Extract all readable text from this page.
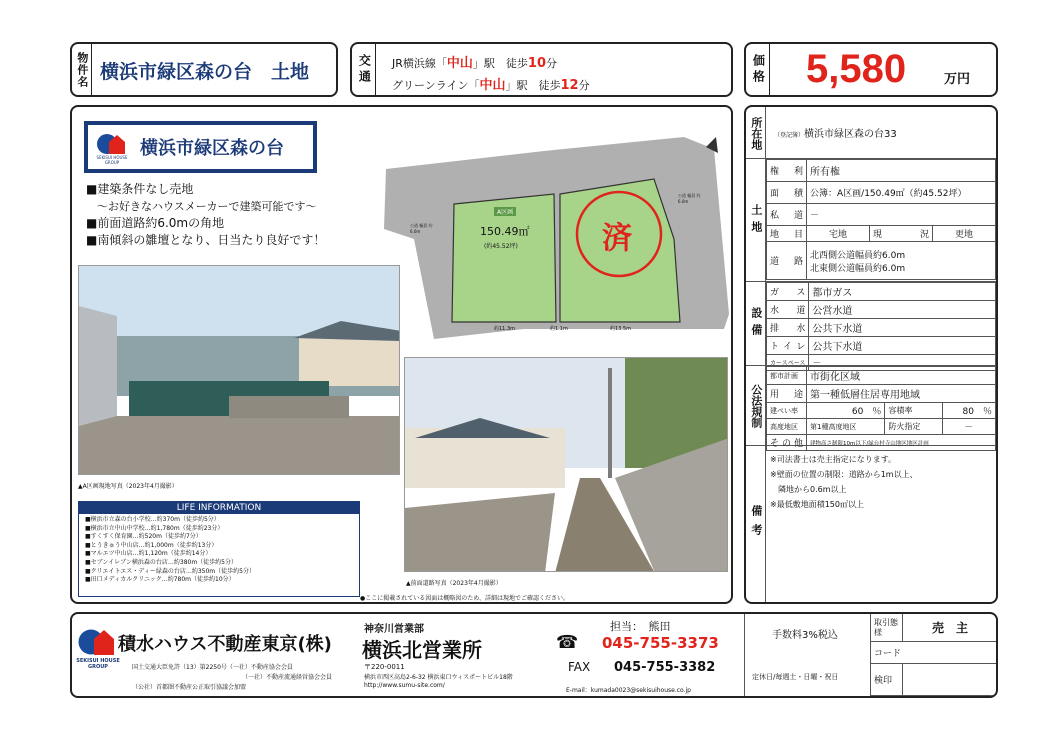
物件名 横浜市緑区森の台　土地	交通 JR横浜線「中山」駅　徒歩10分
グリーンライン「中山」駅　徒歩12分	価格 5,580	万円
SEKISUI HOUSE GROUP
横浜市緑区森の台
■建築条件なし売地
　～お好きなハウスメーカーで建築可能です～
■前面道路約6.0mの角地
■南傾斜の雛壇となり、日当たり良好です！
A区画
150.49㎡
(約45.52坪)	済
公道 幅員 約6.0m
公道 幅員 約6.0m
約11.3m	約1.1m	約13.5m
▲A区画現地写真（2023年4月撮影）
LIFE INFORMATION
■横浜市立森の台小学校…約370m（徒歩約5分）
■横浜市立中山中学校…約1,780m（徒歩約23分）
■すくすく保育園…約520m（徒歩約7分）
■とうきゅう中山店…約1,000m（徒歩約13分）
■マルエツ中山店…約1,120m（徒歩約14分）
■セブンイレブン横浜森の台店…約380m（徒歩約5分）
■クリエイトエス・ディー緑森の台店…約350m（徒歩約5分）
■田口メディカルクリニック…約780m（徒歩約10分）
▲前面道路写真（2023年4月撮影）
●ここに掲載されている図面は概略図のため、詳細は現地でご確認ください。
所在地 （登記簿）横浜市緑区森の台33
土地
権利	所有権		
面積	公簿：A区画/150.49㎡（約45.52坪）		
私道	－		
地目	宅地	現況	更地
道路	北西側公道幅員約6.0m
北東側公道幅員約6.0m		
設備
ガス	都市ガス
水道	公営水道
排水	公共下水道
トイレ	公共下水道
カースペース	－
公法規制
都市計画	市街化区域		
用途	第一種低層住居専用地域		
建ぺい率	60　 ％	容積率	80　 ％
高度地区	第1種高度地区	防火指定	－
その他	建物高さ制限10m以下/緑台村寺山地区地区計画		
備考
※司法書士は売主指定になります。
※壁面の位置の制限：道路から1m以上、
　隣地から0.6m以上
※最低敷地面積150㎡以上
SEKISUI HOUSE GROUP
積水ハウス不動産東京(株)
国土交通大臣免許（13）第2250号（一社）不動産協会会員
（一社）不動産流通経営協会会員
（公社）首都圏不動産公正取引協議会加盟
神奈川営業部
横浜北営業所
〒220-0011
横浜市西区高島2-6-32 横浜東口ウィスポートビル18階
http://www.sumu-site.com/
担当：　 熊田
☎ 045-755-3373
FAX 045-755-3382
E-mail：kumada0023@sekisuihouse.co.jp
手数料3%税込
定休日/毎週土・日曜・祝日
取引態様	売　主
コード	
検印	
